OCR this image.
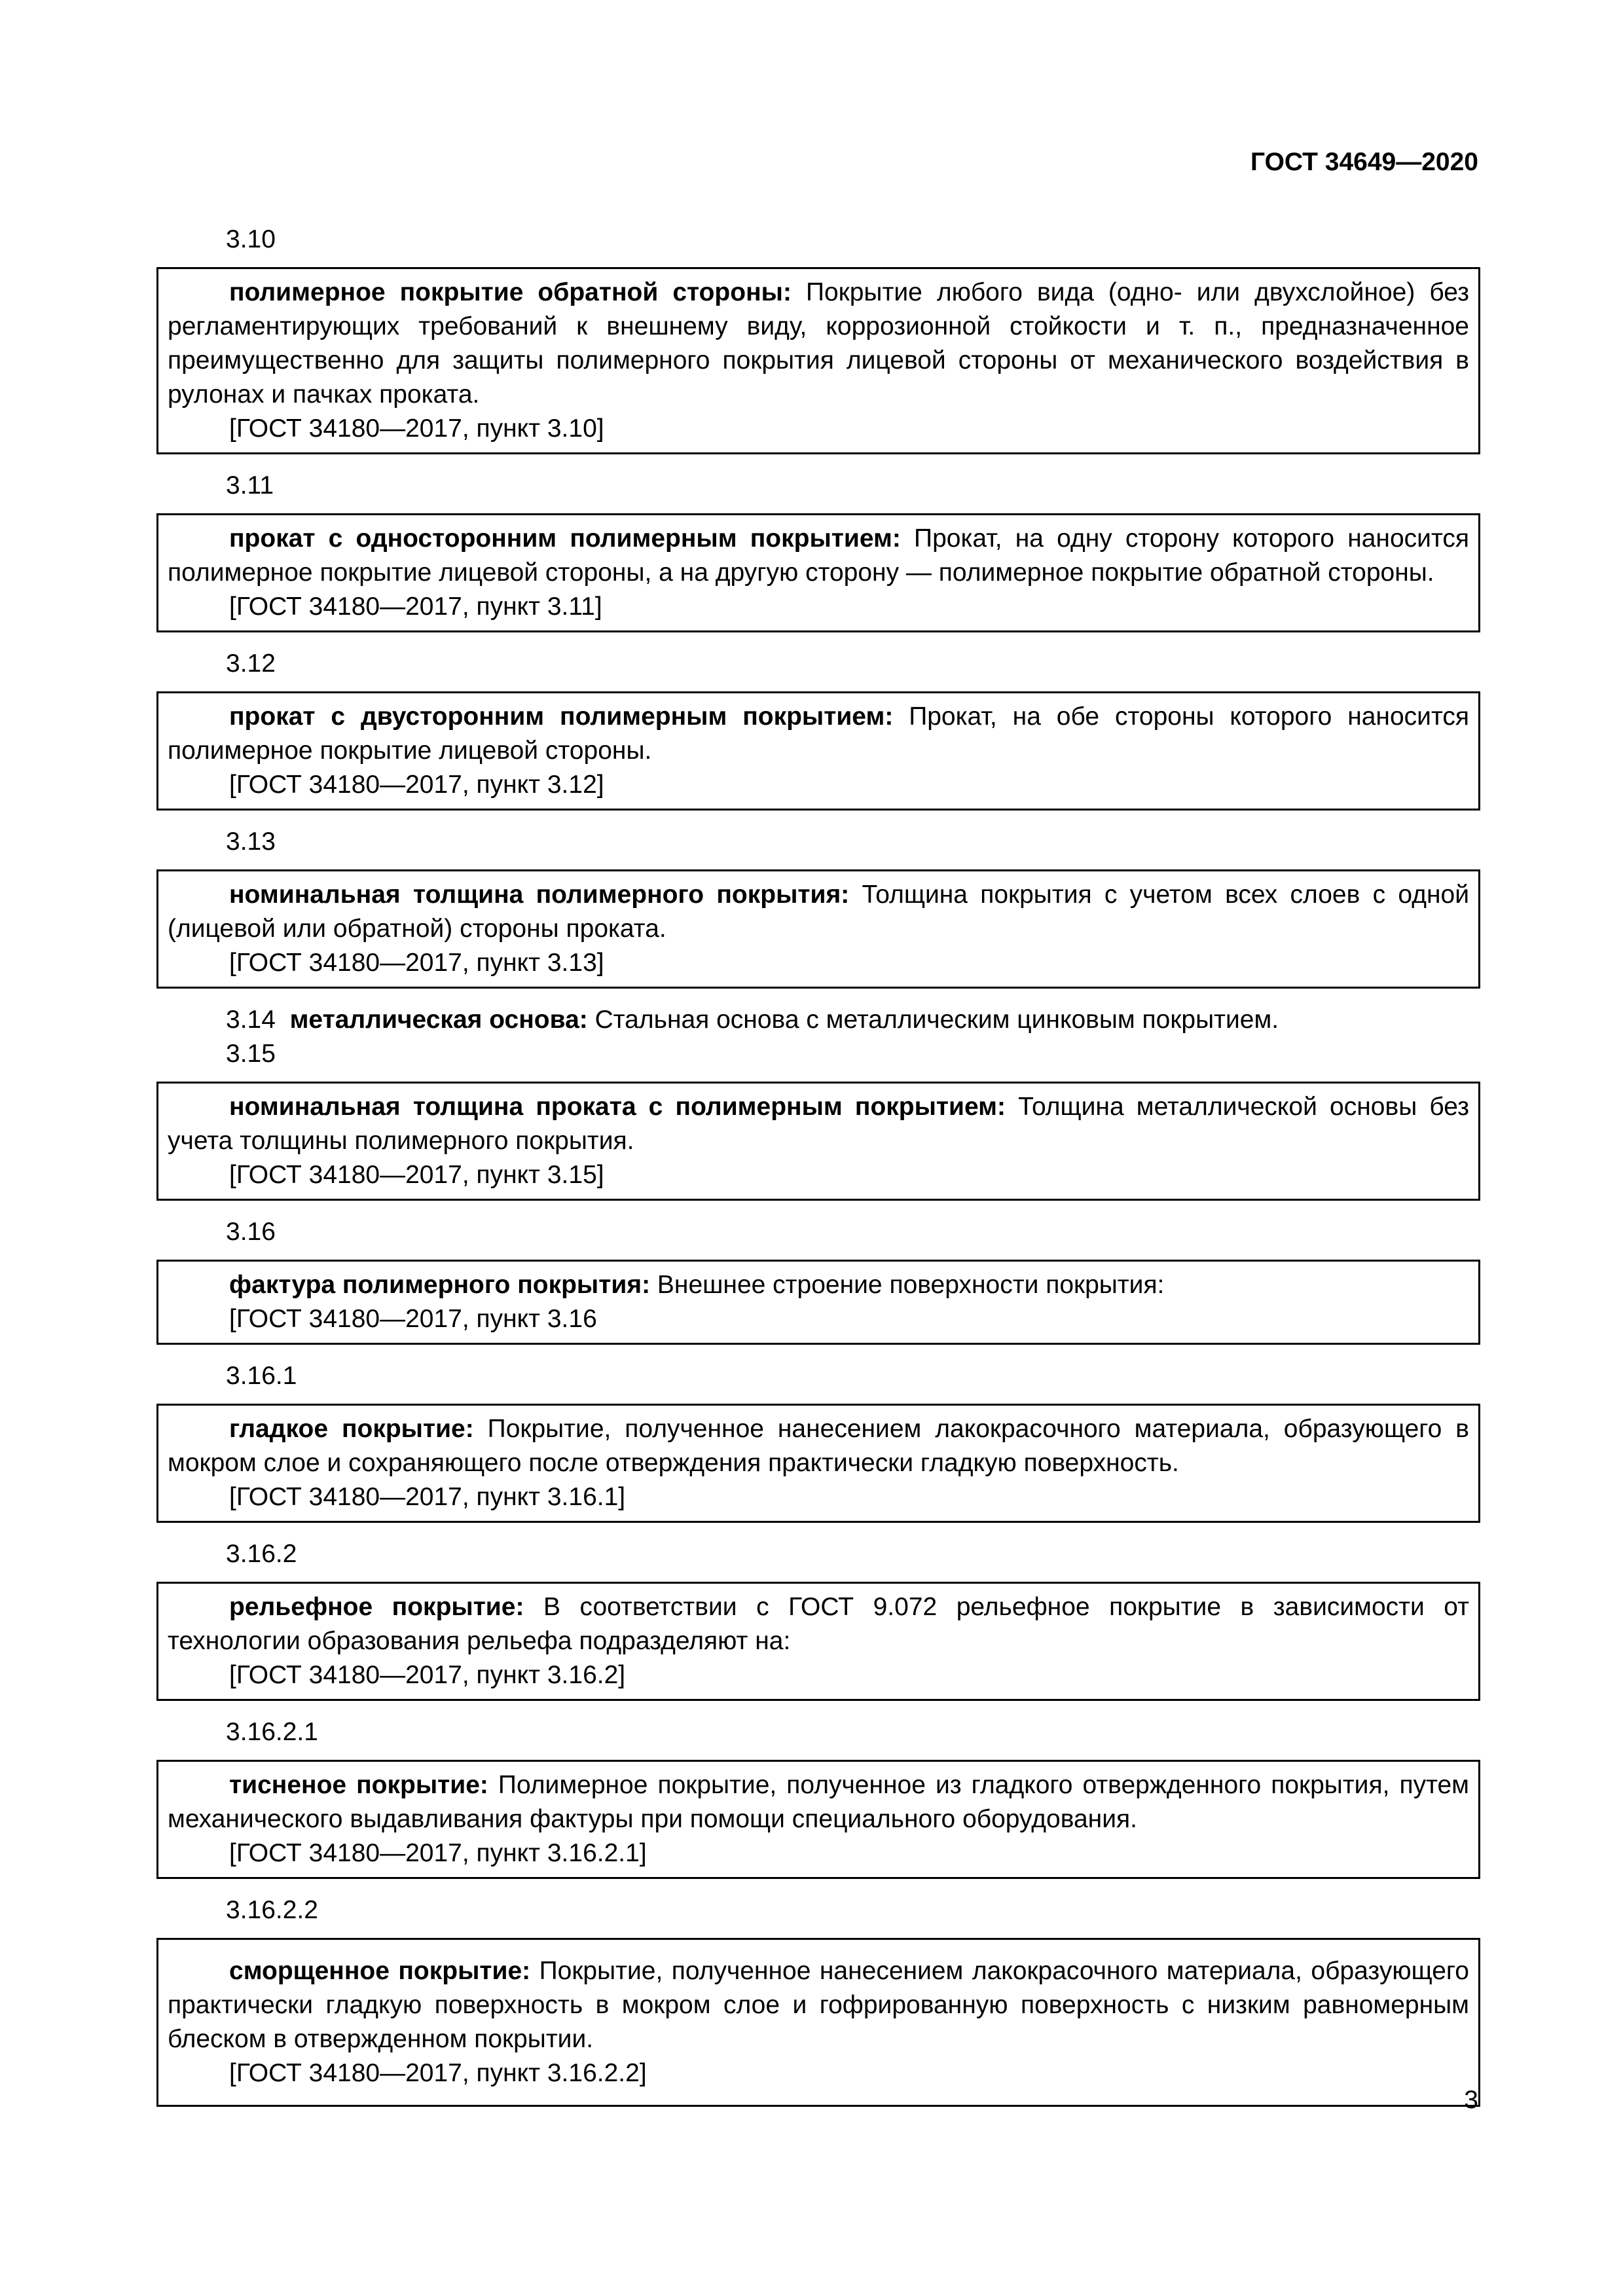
ГОСТ 34649—2020
3.10

полимерное покрытие обратной стороны: Покрытие любого вида (одно- или двухслойное) без регламентирующих требований к внешнему виду, коррозионной стойкости и т. п., предназначенное преимущественно для защиты полимерного покрытия лицевой стороны от механического воздействия в рулонах и пачках проката.

[ГОСТ 34180—2017, пункт 3.10]

3.11

прокат с односторонним полимерным покрытием: Прокат, на одну сторону которого наносится полимерное покрытие лицевой стороны, а на другую сторону — полимерное покрытие обратной стороны.

[ГОСТ 34180—2017, пункт 3.11]

3.12

прокат с двусторонним полимерным покрытием: Прокат, на обе стороны которого наносится полимерное покрытие лицевой стороны.

[ГОСТ 34180—2017, пункт 3.12]

3.13

номинальная толщина полимерного покрытия: Толщина покрытия с учетом всех слоев с одной (лицевой или обратной) стороны проката.

[ГОСТ 34180—2017, пункт 3.13]

3.14 металлическая основа: Стальная основа с металлическим цинковым покрытием.
3.15

номинальная толщина проката с полимерным покрытием: Толщина металлической основы без учета толщины полимерного покрытия.

[ГОСТ 34180—2017, пункт 3.15]

3.16

фактура полимерного покрытия: Внешнее строение поверхности покрытия:

[ГОСТ 34180—2017, пункт 3.16

3.16.1

гладкое покрытие: Покрытие, полученное нанесением лакокрасочного материала, образующего в мокром слое и сохраняющего после отверждения практически гладкую поверхность.

[ГОСТ 34180—2017, пункт 3.16.1]

3.16.2

рельефное покрытие: В соответствии с ГОСТ 9.072 рельефное покрытие в зависимости от технологии образования рельефа подразделяют на:

[ГОСТ 34180—2017, пункт 3.16.2]

3.16.2.1

тисненое покрытие: Полимерное покрытие, полученное из гладкого отвержденного покрытия, путем механического выдавливания фактуры при помощи специального оборудования.

[ГОСТ 34180—2017, пункт 3.16.2.1]

3.16.2.2

сморщенное покрытие: Покрытие, полученное нанесением лакокрасочного материала, образующего практически гладкую поверхность в мокром слое и гофрированную поверхность с низким равномерным блеском в отвержденном покрытии.

[ГОСТ 34180—2017, пункт 3.16.2.2]

3
